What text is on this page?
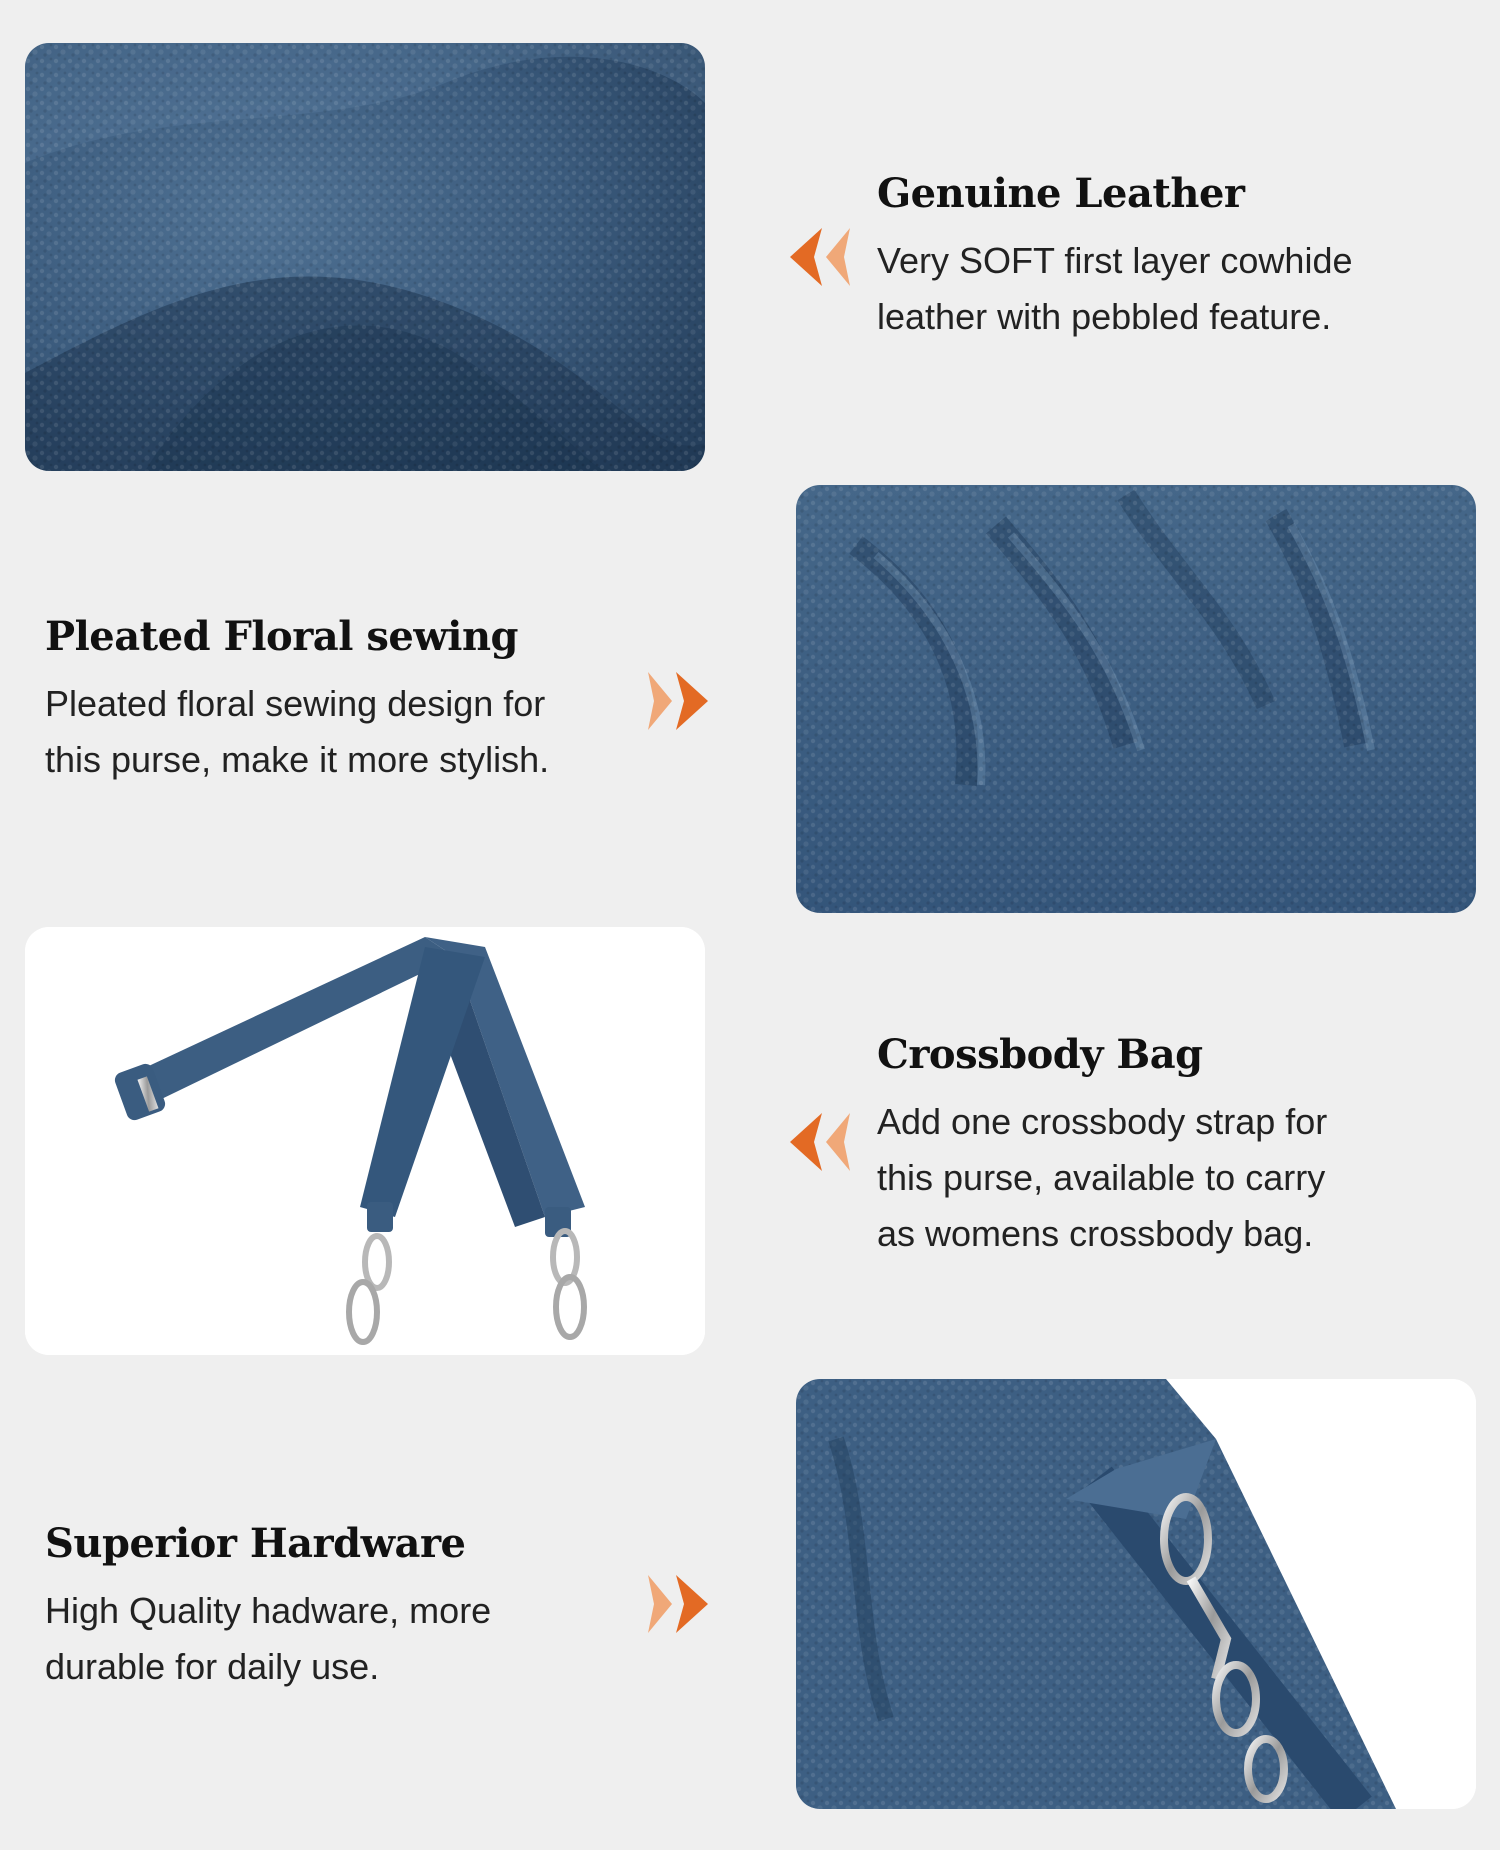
Genuine Leather

Very SOFT first layer cowhide
leather with pebbled feature.

Pleated Floral sewing

Pleated floral sewing design for
this purse, make it more stylish.

Crossbody Bag

Add one crossbody strap for
this purse, available to carry
as womens crossbody bag.

Superior Hardware

High Quality hadware, more
durable for daily use.
